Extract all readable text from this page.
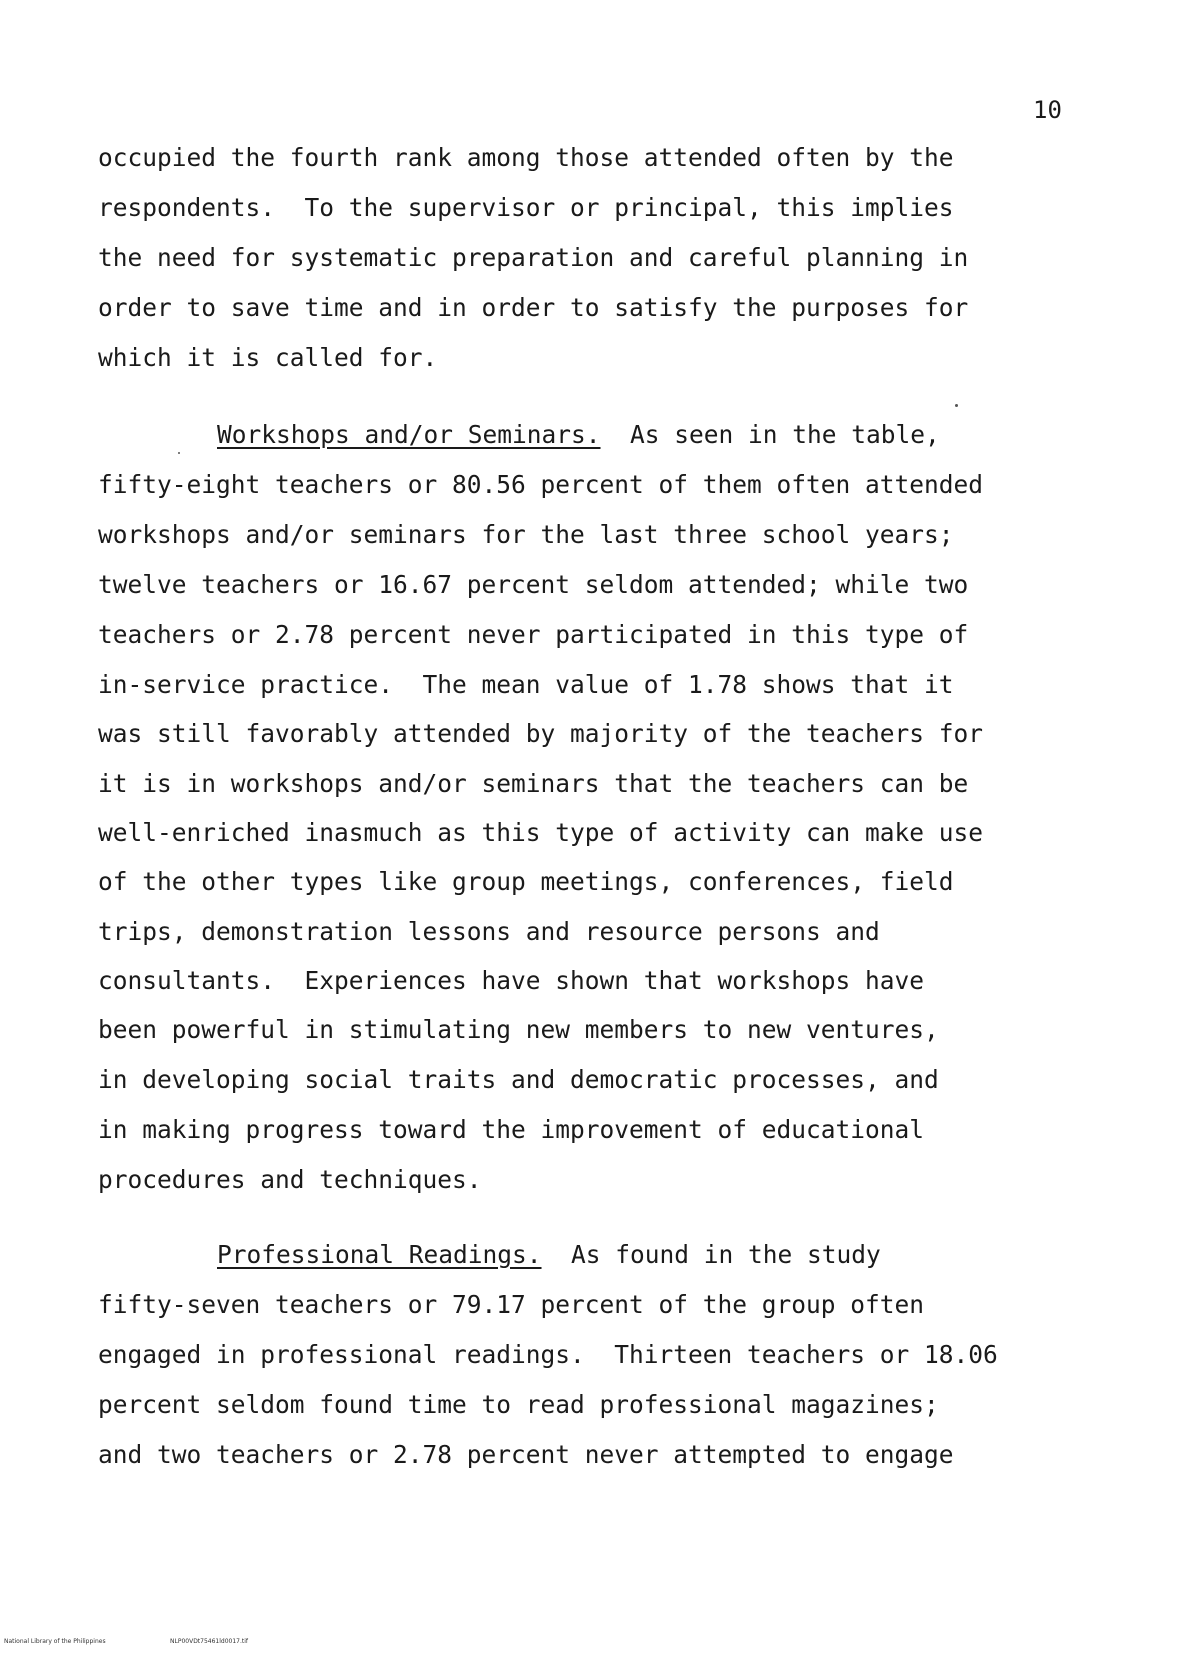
10
occupied the fourth rank among those attended often by the
respondents.  To the supervisor or principal, this implies
the need for systematic preparation and careful planning in
order to save time and in order to satisfy the purposes for
which it is called for.
Workshops and/or Seminars.  As seen in the table,
fifty-eight teachers or 80.56 percent of them often attended
workshops and/or seminars for the last three school years;
twelve teachers or 16.67 percent seldom attended; while two
teachers or 2.78 percent never participated in this type of
in-service practice.  The mean value of 1.78 shows that it
was still favorably attended by majority of the teachers for
it is in workshops and/or seminars that the teachers can be
well-enriched inasmuch as this type of activity can make use
of the other types like group meetings, conferences, field
trips, demonstration lessons and resource persons and
consultants.  Experiences have shown that workshops have
been powerful in stimulating new members to new ventures,
in developing social traits and democratic processes, and
in making progress toward the improvement of educational
procedures and techniques.
Professional Readings.  As found in the study
fifty-seven teachers or 79.17 percent of the group often
engaged in professional readings.  Thirteen teachers or 18.06
percent seldom found time to read professional magazines;
and two teachers or 2.78 percent never attempted to engage
National Library of the Philippines	NLP00VDt75461ld0017.tif
